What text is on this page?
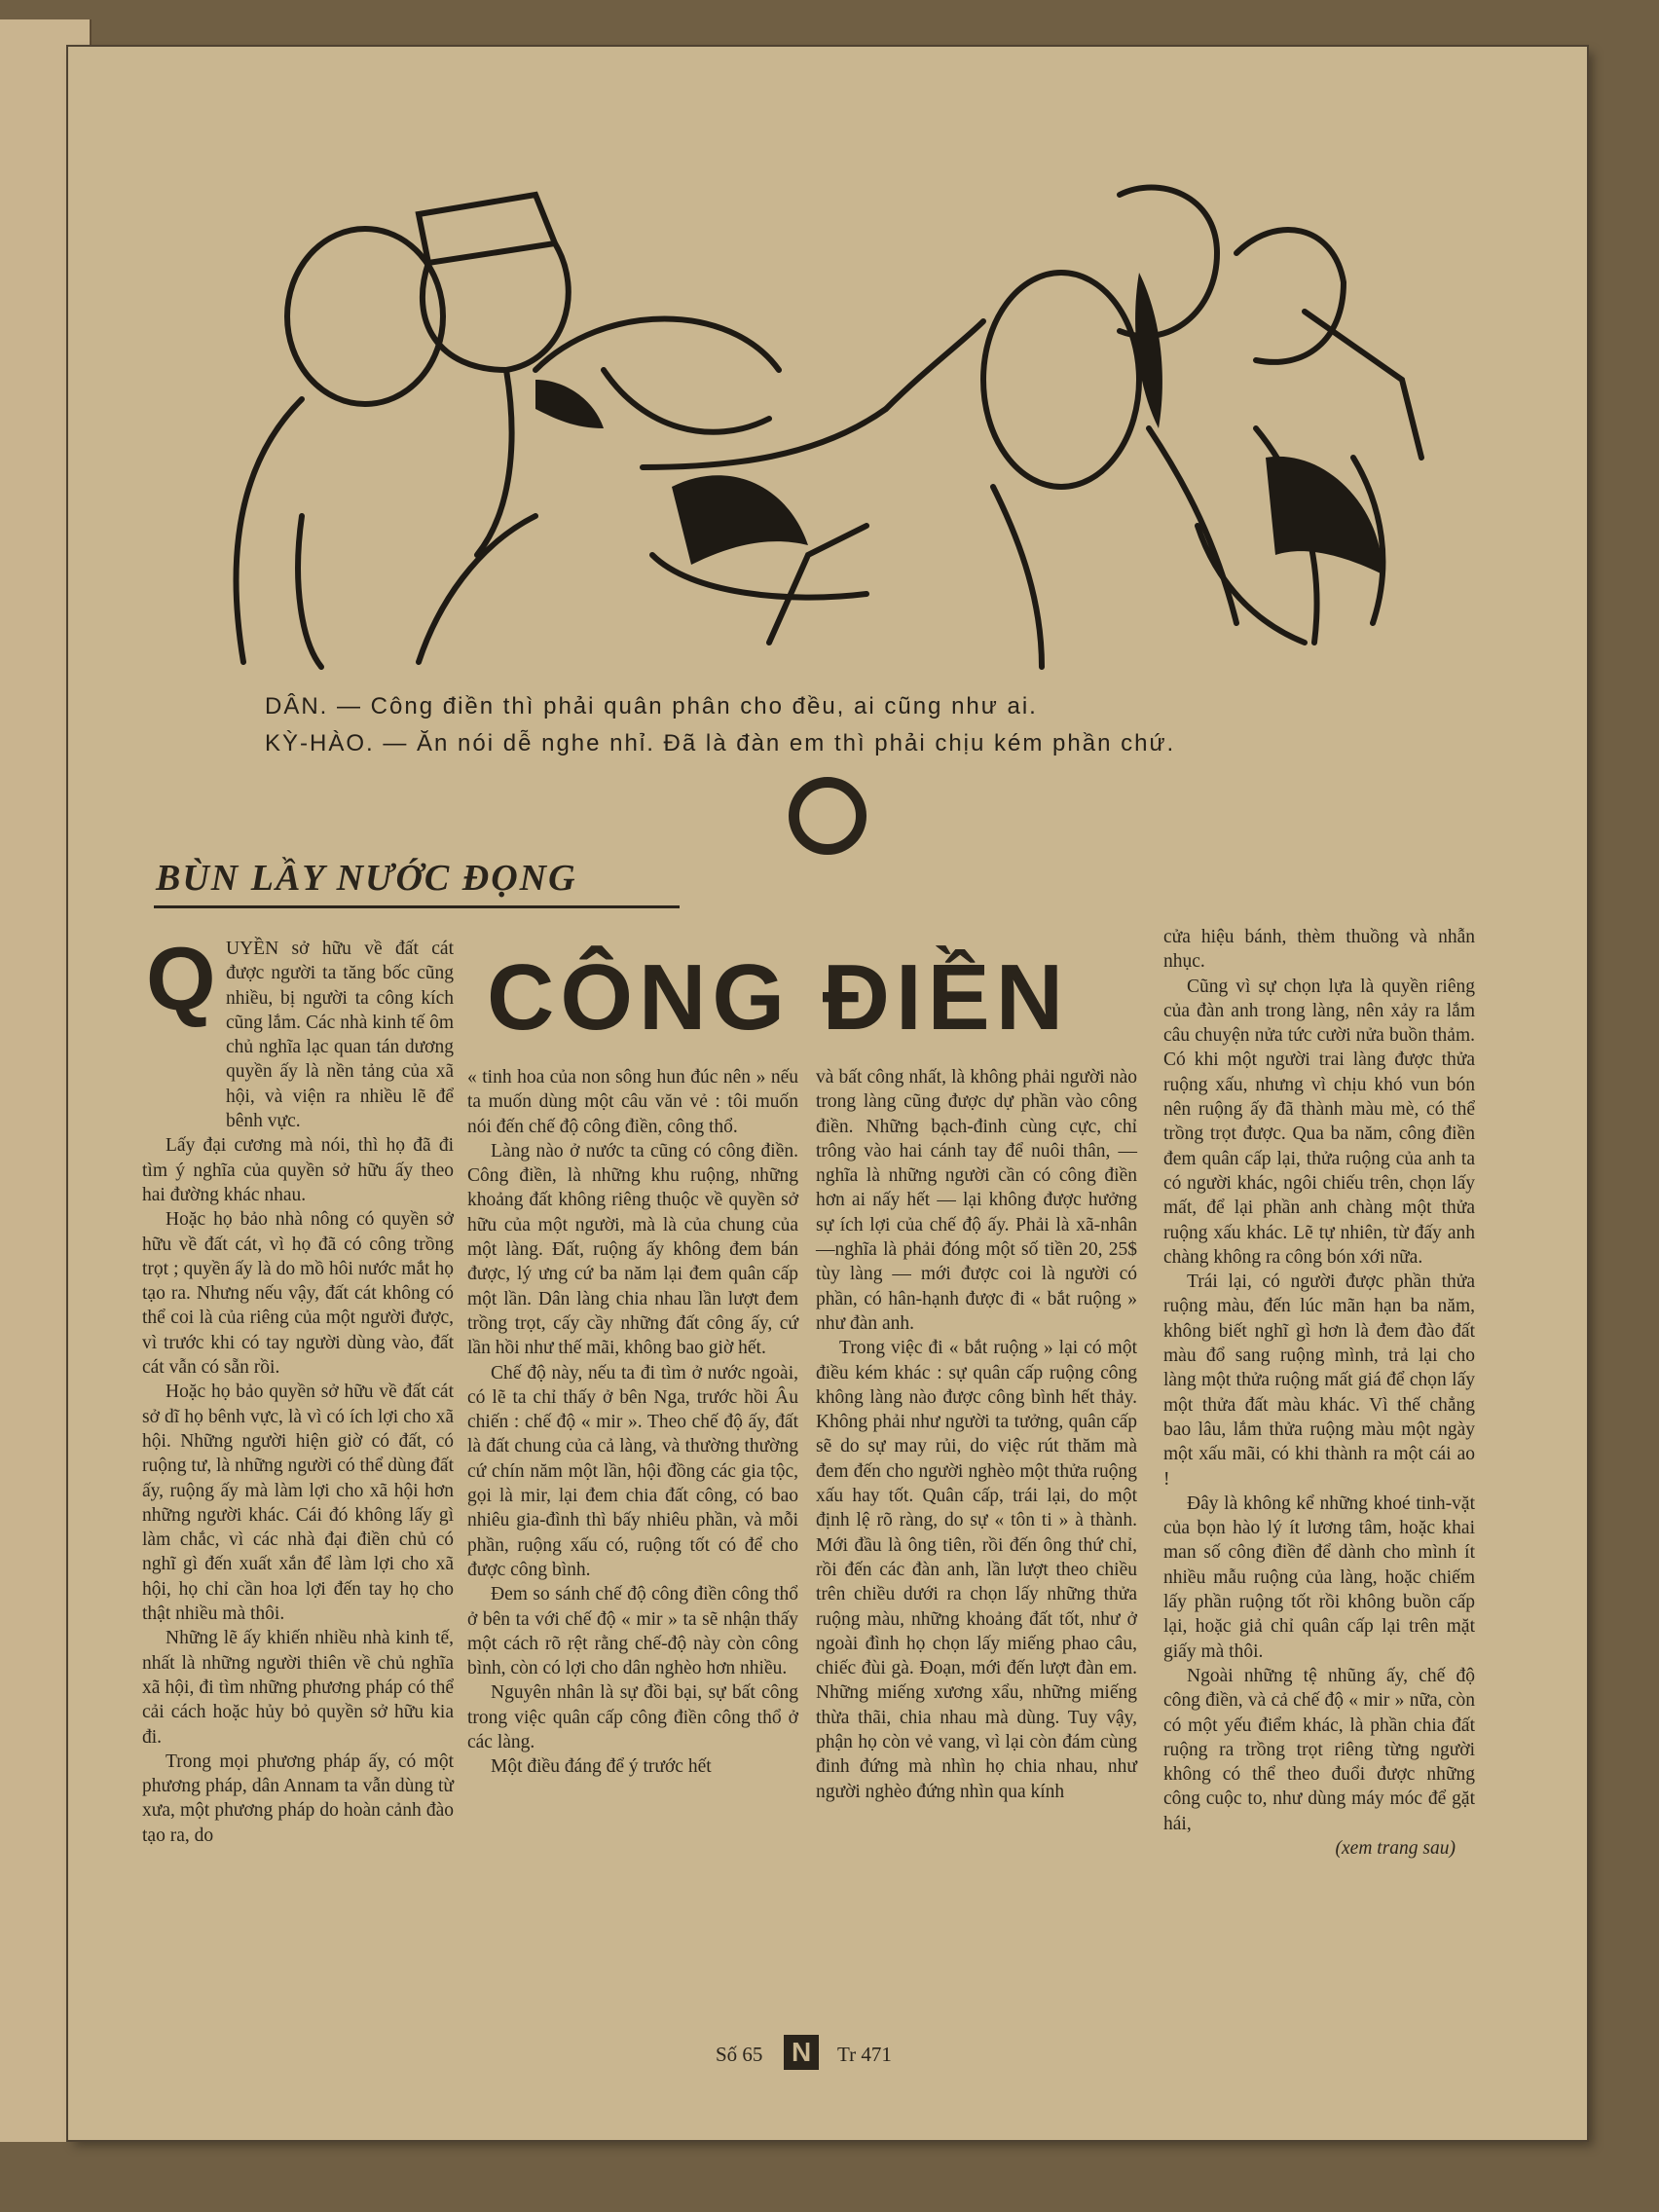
DÂN. — Công điền thì phải quân phân cho đều, ai cũng như ai.
KỲ-HÀO. — Ăn nói dễ nghe nhỉ. Đã là đàn em thì phải chịu kém phần chứ.
BÙN LẦY NƯỚC ĐỌNG
CÔNG ĐIỀN
Q UYỀN sở hữu về đất cát được người ta tăng bốc cũng nhiều, bị người ta công kích cũng lắm. Các nhà kinh tế ôm chủ nghĩa lạc quan tán dương quyền ấy là nền tảng của xã hội, và viện ra nhiều lẽ để bênh vực.

Lấy đại cương mà nói, thì họ đã đi tìm ý nghĩa của quyền sở hữu ấy theo hai đường khác nhau.

Hoặc họ bảo nhà nông có quyền sở hữu về đất cát, vì họ đã có công trồng trọt ; quyền ấy là do mồ hôi nước mắt họ tạo ra. Nhưng nếu vậy, đất cát không có thể coi là của riêng của một người được, vì trước khi có tay người dùng vào, đất cát vẫn có sẵn rồi.

Hoặc họ bảo quyền sở hữu về đất cát sở dĩ họ bênh vực, là vì có ích lợi cho xã hội. Những người hiện giờ có đất, có ruộng tư, là những người có thể dùng đất ấy, ruộng ấy mà làm lợi cho xã hội hơn những người khác. Cái đó không lấy gì làm chắc, vì các nhà đại điền chủ có nghĩ gì đến xuất xắn để làm lợi cho xã hội, họ chỉ cần hoa lợi đến tay họ cho thật nhiều mà thôi.

Những lẽ ấy khiến nhiều nhà kinh tế, nhất là những người thiên về chủ nghĩa xã hội, đi tìm những phương pháp có thể cải cách hoặc hủy bỏ quyền sở hữu kia đi.

Trong mọi phương pháp ấy, có một phương pháp, dân Annam ta vẫn dùng từ xưa, một phương pháp do hoàn cảnh đào tạo ra, do

« tinh hoa của non sông hun đúc nên » nếu ta muốn dùng một câu văn vẻ : tôi muốn nói đến chế độ công điền, công thổ.

Làng nào ở nước ta cũng có công điền. Công điền, là những khu ruộng, những khoảng đất không riêng thuộc về quyền sở hữu của một người, mà là của chung của một làng. Đất, ruộng ấy không đem bán được, lý ưng cứ ba năm lại đem quân cấp một lần. Dân làng chia nhau lần lượt đem trồng trọt, cấy cầy những đất công ấy, cứ lần hồi như thế mãi, không bao giờ hết.

Chế độ này, nếu ta đi tìm ở nước ngoài, có lẽ ta chỉ thấy ở bên Nga, trước hồi Âu chiến : chế độ « mir ». Theo chế độ ấy, đất là đất chung của cả làng, và thường thường cứ chín năm một lần, hội đồng các gia tộc, gọi là mir, lại đem chia đất công, có bao nhiêu gia-đình thì bấy nhiêu phần, và mỗi phần, ruộng xấu có, ruộng tốt có để cho được công bình.

Đem so sánh chế độ công điền công thổ ở bên ta với chế độ « mir » ta sẽ nhận thấy một cách rõ rệt rằng chế-độ này còn công bình, còn có lợi cho dân nghèo hơn nhiều.

Nguyên nhân là sự đồi bại, sự bất công trong việc quân cấp công điền công thổ ở các làng.

Một điều đáng để ý trước hết

và bất công nhất, là không phải người nào trong làng cũng được dự phần vào công điền. Những bạch-đinh cùng cực, chỉ trông vào hai cánh tay để nuôi thân, — nghĩa là những người cần có công điền hơn ai nấy hết — lại không được hưởng sự ích lợi của chế độ ấy. Phải là xã-nhân—nghĩa là phải đóng một số tiền 20, 25$ tùy làng — mới được coi là người có phần, có hân-hạnh được đi « bắt ruộng » như đàn anh.

Trong việc đi « bắt ruộng » lại có một điều kém khác : sự quân cấp ruộng công không làng nào được công bình hết thảy. Không phải như người ta tưởng, quân cấp sẽ do sự may rủi, do việc rút thăm mà đem đến cho người nghèo một thửa ruộng xấu hay tốt. Quân cấp, trái lại, do một định lệ rõ ràng, do sự « tôn ti » à thành. Mới đầu là ông tiên, rồi đến ông thứ chỉ, rồi đến các đàn anh, lần lượt theo chiều trên chiều dưới ra chọn lấy những thửa ruộng màu, những khoảng đất tốt, như ở ngoài đình họ chọn lấy miếng phao câu, chiếc đùi gà. Đoạn, mới đến lượt đàn em. Những miếng xương xẩu, những miếng thừa thãi, chia nhau mà dùng. Tuy vậy, phận họ còn vẻ vang, vì lại còn đám cùng đinh đứng mà nhìn họ chia nhau, như người nghèo đứng nhìn qua kính

cửa hiệu bánh, thèm thuồng và nhẫn nhục.

Cũng vì sự chọn lựa là quyền riêng của đàn anh trong làng, nên xảy ra lắm câu chuyện nửa tức cười nửa buồn thảm. Có khi một người trai làng được thửa ruộng xấu, nhưng vì chịu khó vun bón nên ruộng ấy đã thành màu mè, có thể trồng trọt được. Qua ba năm, công điền đem quân cấp lại, thửa ruộng của anh ta có người khác, ngôi chiếu trên, chọn lấy mất, để lại phần anh chàng một thửa ruộng xấu khác. Lẽ tự nhiên, từ đấy anh chàng không ra công bón xới nữa.

Trái lại, có người được phần thửa ruộng màu, đến lúc mãn hạn ba năm, không biết nghĩ gì hơn là đem đào đất màu đổ sang ruộng mình, trả lại cho làng một thửa ruộng mất giá để chọn lấy một thửa đất màu khác. Vì thế chẳng bao lâu, lắm thửa ruộng màu một ngày một xấu mãi, có khi thành ra một cái ao !

Đây là không kể những khoé tinh-vặt của bọn hào lý ít lương tâm, hoặc khai man số công điền để dành cho mình ít nhiều mẫu ruộng của làng, hoặc chiếm lấy phần ruộng tốt rồi không buồn cấp lại, hoặc giả chỉ quân cấp lại trên mặt giấy mà thôi.

Ngoài những tệ nhũng ấy, chế độ công điền, và cả chế độ « mir » nữa, còn có một yếu điểm khác, là phần chia đất ruộng ra trồng trọt riêng từng người không có thể theo đuổi được những công cuộc to, như dùng máy móc để gặt hái,

(xem trang sau)

Số 65 N Tr 471
